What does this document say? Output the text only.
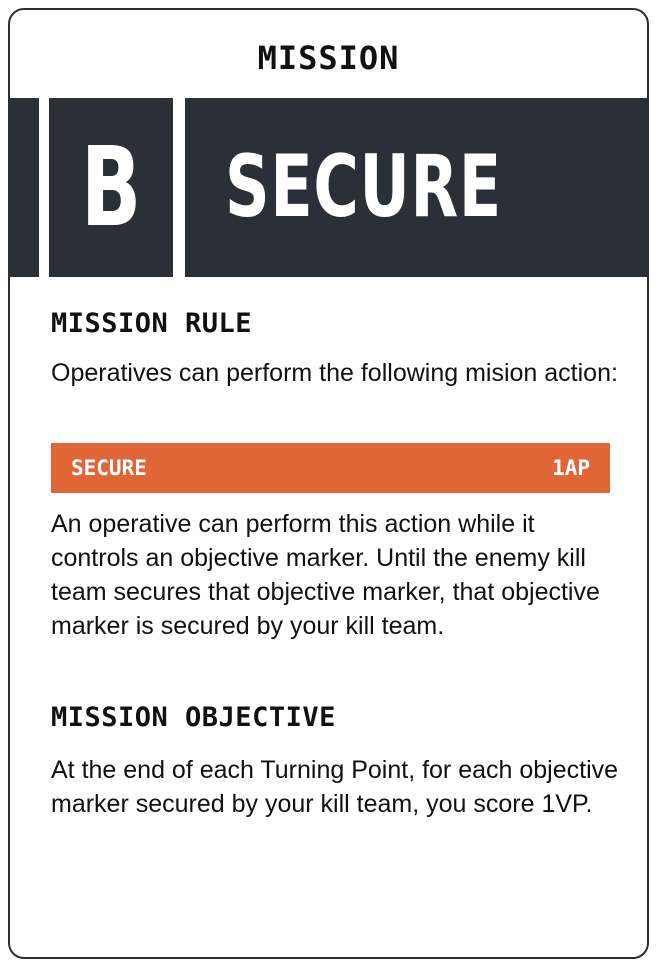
MISSION
B SECURE
MISSION RULE
Operatives can perform the following mision action:
SECURE	1AP
An operative can perform this action while it controls an objective marker. Until the enemy kill team secures that objective marker, that objective marker is secured by your kill team.
MISSION OBJECTIVE
At the end of each Turning Point, for each objective marker secured by your kill team, you score 1VP.
